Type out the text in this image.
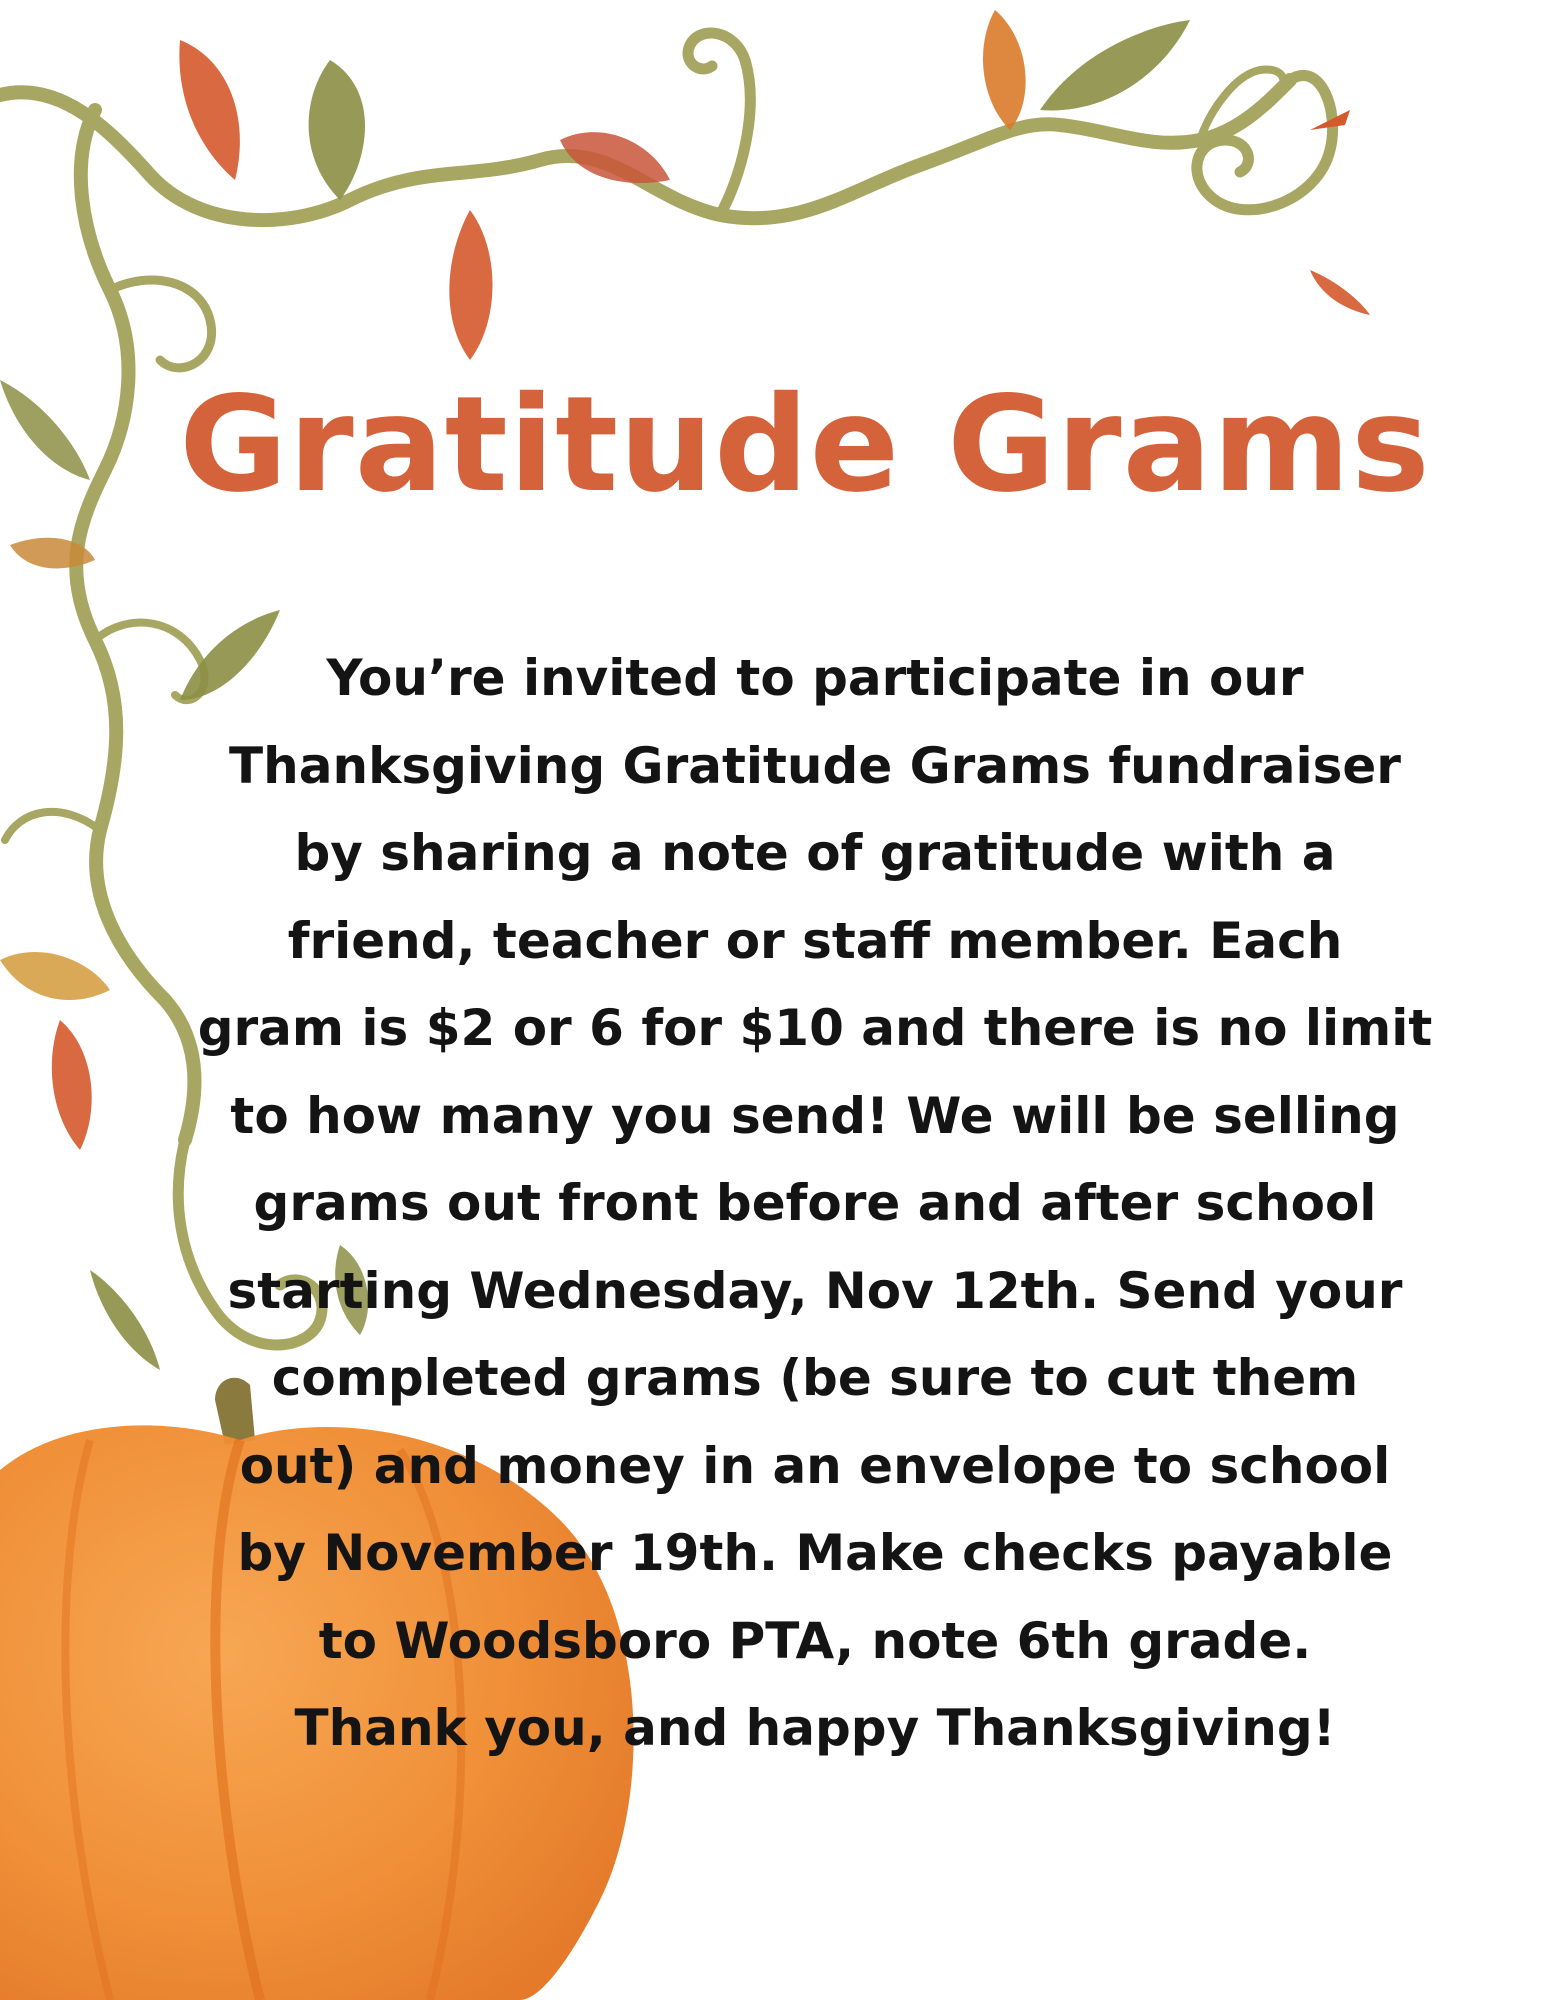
Gratitude Grams
You’re invited to participate in our
Thanksgiving Gratitude Grams fundraiser
by sharing a note of gratitude with a
friend, teacher or staff member. Each
gram is $2 or 6 for $10 and there is no limit
to how many you send! We will be selling
grams out front before and after school
starting Wednesday, Nov 12th. Send your
completed grams (be sure to cut them
out) and money in an envelope to school
by November 19th. Make checks payable
to Woodsboro PTA, note 6th grade.
Thank you, and happy Thanksgiving!
